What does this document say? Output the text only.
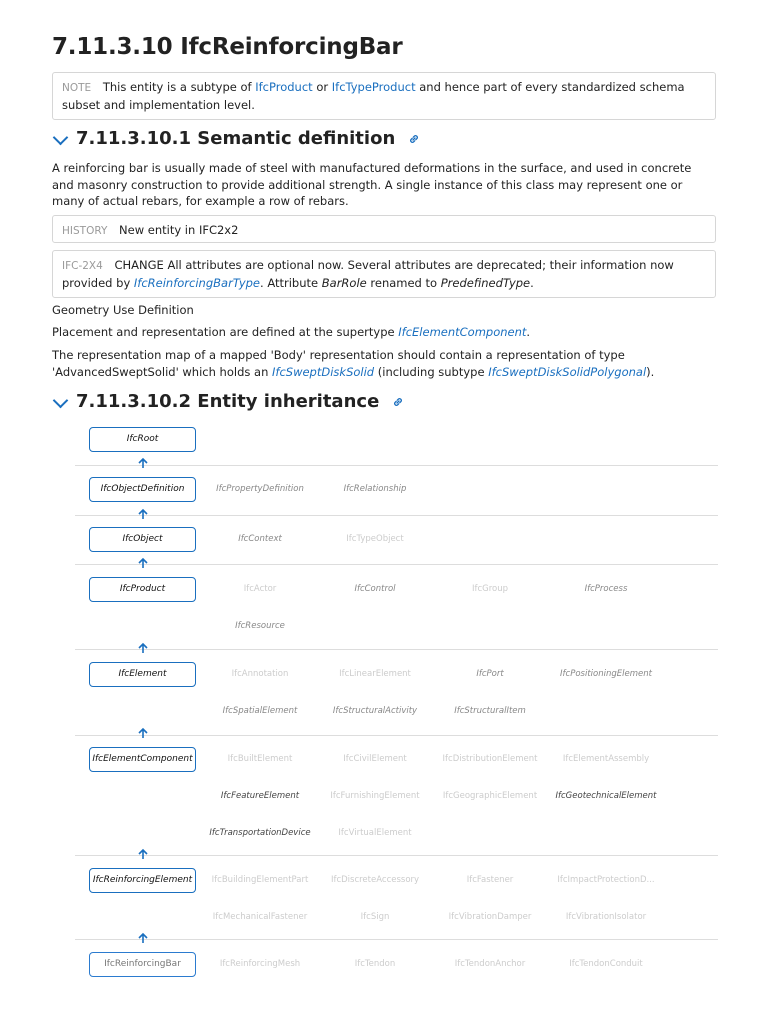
7.11.3.10 IfcReinforcingBar
NOTE This entity is a subtype of IfcProduct or IfcTypeProduct and hence part of every standardized schema subset and implementation level.
7.11.3.10.1 Semantic definition

A reinforcing bar is usually made of steel with manufactured deformations in the surface, and used in concrete and masonry construction to provide additional strength. A single instance of this class may represent one or many of actual rebars, for example a row of rebars.

HISTORY New entity in IFC2x2
IFC-2X4 CHANGE All attributes are optional now. Several attributes are deprecated; their information now provided by IfcReinforcingBarType. Attribute BarRole renamed to PredefinedType.

Geometry Use Definition

Placement and representation are defined at the supertype IfcElementComponent.

The representation map of a mapped 'Body' representation should contain a representation of type 'AdvancedSweptSolid' which holds an IfcSweptDiskSolid (including subtype IfcSweptDiskSolidPolygonal).

7.11.3.10.2 Entity inheritance
IfcRoot
IfcObjectDefinition	IfcPropertyDefinition	IfcRelationship
IfcObject	IfcContext	IfcTypeObject
IfcProduct	IfcActor	IfcControl	IfcGroup	IfcProcess
IfcResource
IfcElement	IfcAnnotation	IfcLinearElement	IfcPort	IfcPositioningElement
IfcSpatialElement	IfcStructuralActivity	IfcStructuralItem
IfcElementComponent	IfcBuiltElement	IfcCivilElement	IfcDistributionElement	IfcElementAssembly
IfcFeatureElement	IfcFurnishingElement	IfcGeographicElement IfcGeotechnicalElement
IfcTransportationDevice	IfcVirtualElement
IfcReinforcingElement	IfcBuildingElementPart	IfcDiscreteAccessory	IfcFastener	IfcImpactProtectionD...
IfcMechanicalFastener	IfcSign	IfcVibrationDamper	IfcVibrationIsolator
IfcReinforcingBar	IfcReinforcingMesh	IfcTendon	IfcTendonAnchor	IfcTendonConduit
